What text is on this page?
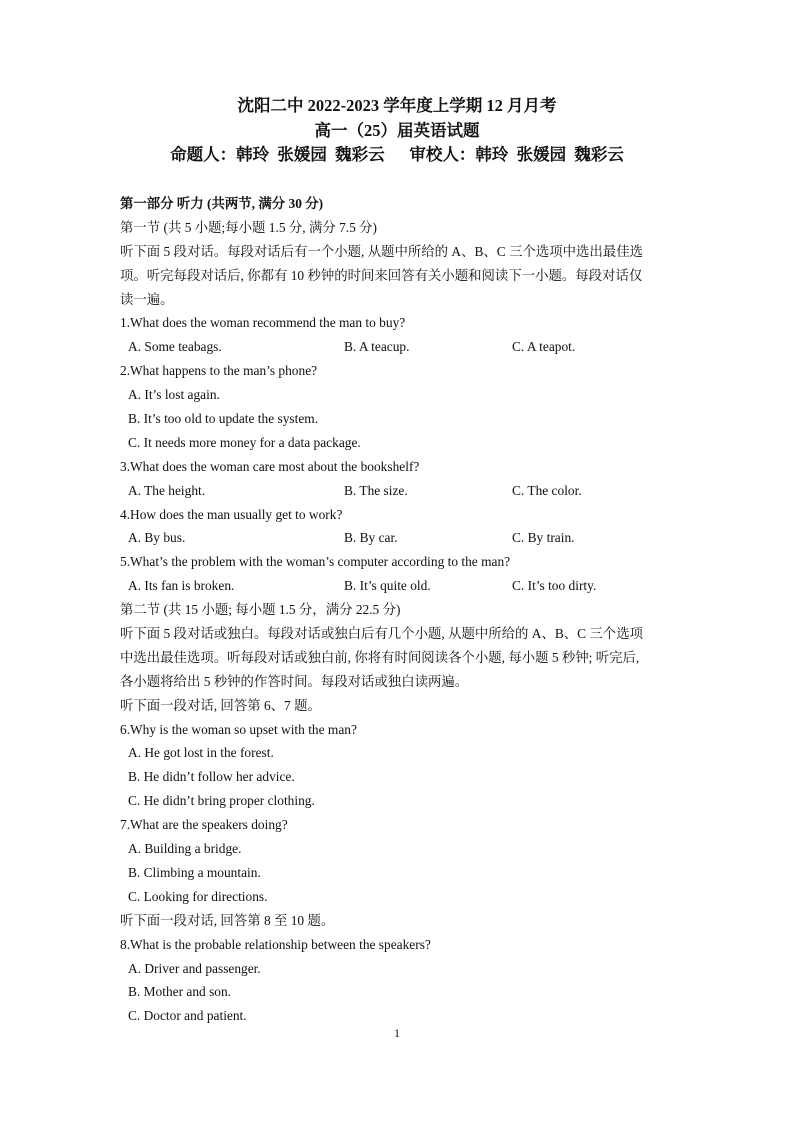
沈阳二中 2022-2023 学年度上学期 12 月月考
高一（25）届英语试题
命题人：韩玲  张媛园  魏彩云      审校人：韩玲  张媛园  魏彩云
第一部分 听力 (共两节, 满分 30 分)
第一节 (共 5 小题;每小题 1.5 分, 满分 7.5 分)
听下面 5 段对话。每段对话后有一个小题, 从题中所给的 A、B、C 三个选项中选出最佳选
项。听完每段对话后, 你都有 10 秒钟的时间来回答有关小题和阅读下一小题。每段对话仅
读一遍。
1.What does the woman recommend the man to buy?
A. Some teabags.	B. A teacup.	C. A teapot.
2.What happens to the man’s phone?
A. It’s lost again.
B. It’s too old to update the system.
C. It needs more money for a data package.
3.What does the woman care most about the bookshelf?
A. The height.	B. The size.	C. The color.
4.How does the man usually get to work?
A. By bus.	B. By car.	C. By train.
5.What’s the problem with the woman’s computer according to the man?
A. Its fan is broken.	B. It’s quite old.	C. It’s too dirty.
第二节 (共 15 小题; 每小题 1.5 分，满分 22.5 分)
听下面 5 段对话或独白。每段对话或独白后有几个小题, 从题中所给的 A、B、C 三个选项
中选出最佳选项。听每段对话或独白前, 你将有时间阅读各个小题, 每小题 5 秒钟; 听完后,
各小题将给出 5 秒钟的作答时间。每段对话或独白读两遍。
听下面一段对话, 回答第 6、7 题。
6.Why is the woman so upset with the man?
A. He got lost in the forest.
B. He didn’t follow her advice.
C. He didn’t bring proper clothing.
7.What are the speakers doing?
A. Building a bridge.
B. Climbing a mountain.
C. Looking for directions.
听下面一段对话, 回答第 8 至 10 题。
8.What is the probable relationship between the speakers?
A. Driver and passenger.
B. Mother and son.
C. Doctor and patient.
1
